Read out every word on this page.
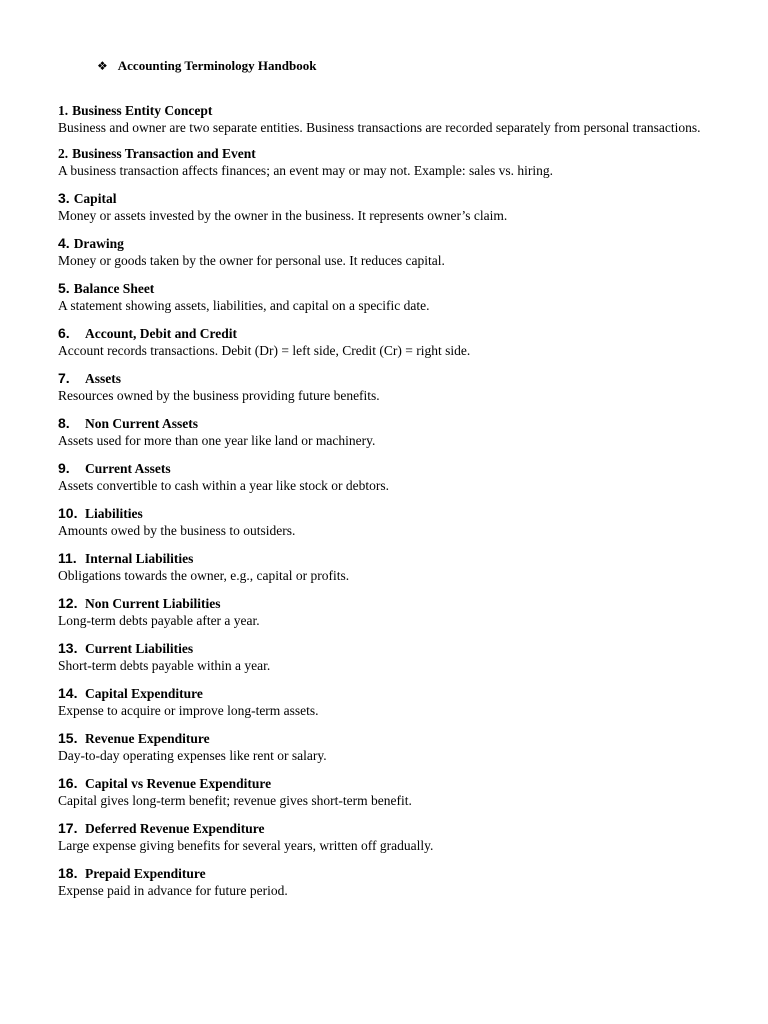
❖ Accounting Terminology Handbook
1. Business Entity Concept
Business and owner are two separate entities. Business transactions are recorded separately from personal transactions.
2. Business Transaction and Event
A business transaction affects finances; an event may or may not. Example: sales vs. hiring.
3. Capital
Money or assets invested by the owner in the business. It represents owner’s claim.
4. Drawing
Money or goods taken by the owner for personal use. It reduces capital.
5. Balance Sheet
A statement showing assets, liabilities, and capital on a specific date.
6.	Account, Debit and Credit
Account records transactions. Debit (Dr) = left side, Credit (Cr) = right side.
7.	Assets
Resources owned by the business providing future benefits.
8.	Non Current Assets
Assets used for more than one year like land or machinery.
9.	Current Assets
Assets convertible to cash within a year like stock or debtors.
10. Liabilities
Amounts owed by the business to outsiders.
11. Internal Liabilities
Obligations towards the owner, e.g., capital or profits.
12. Non Current Liabilities
Long-term debts payable after a year.
13. Current Liabilities
Short-term debts payable within a year.
14. Capital Expenditure
Expense to acquire or improve long-term assets.
15. Revenue Expenditure
Day-to-day operating expenses like rent or salary.
16. Capital vs Revenue Expenditure
Capital gives long-term benefit; revenue gives short-term benefit.
17. Deferred Revenue Expenditure
Large expense giving benefits for several years, written off gradually.
18. Prepaid Expenditure
Expense paid in advance for future period.
